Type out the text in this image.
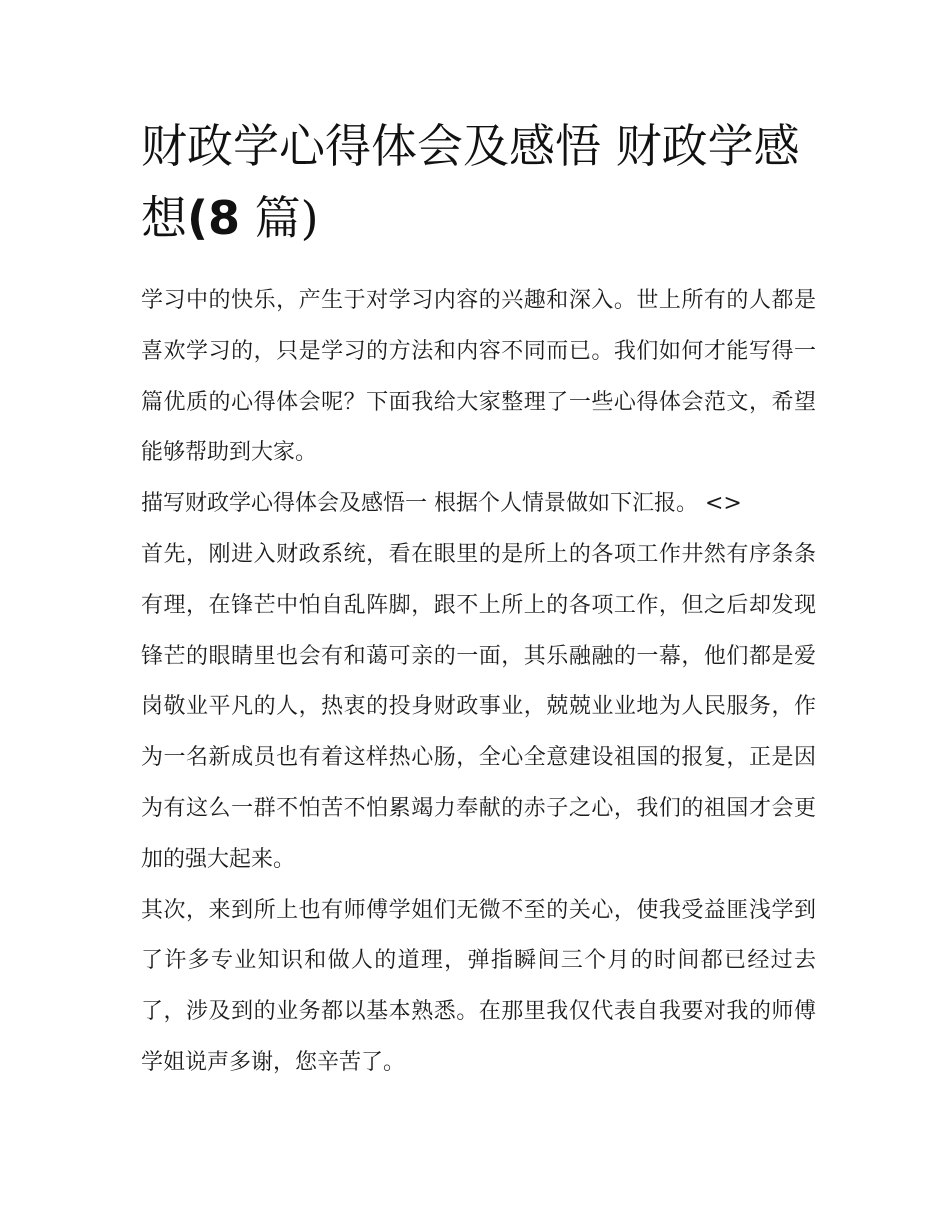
财政学心得体会及感悟 财政学感想(8 篇)

学习中的快乐，产生于对学习内容的兴趣和深入。世上所有的人都是喜欢学习的，只是学习的方法和内容不同而已。我们如何才能写得一篇优质的心得体会呢？下面我给大家整理了一些心得体会范文，希望能够帮助到大家。

描写财政学心得体会及感悟一 根据个人情景做如下汇报。 <>

首先，刚进入财政系统，看在眼里的是所上的各项工作井然有序条条有理，在锋芒中怕自乱阵脚，跟不上所上的各项工作，但之后却发现锋芒的眼睛里也会有和蔼可亲的一面，其乐融融的一幕，他们都是爱岗敬业平凡的人，热衷的投身财政事业，兢兢业业地为人民服务，作为一名新成员也有着这样热心肠，全心全意建设祖国的报复，正是因为有这么一群不怕苦不怕累竭力奉献的赤子之心，我们的祖国才会更加的强大起来。

其次，来到所上也有师傅学姐们无微不至的关心，使我受益匪浅学到了许多专业知识和做人的道理，弹指瞬间三个月的时间都已经过去了，涉及到的业务都以基本熟悉。在那里我仅代表自我要对我的师傅学姐说声多谢，您辛苦了。
